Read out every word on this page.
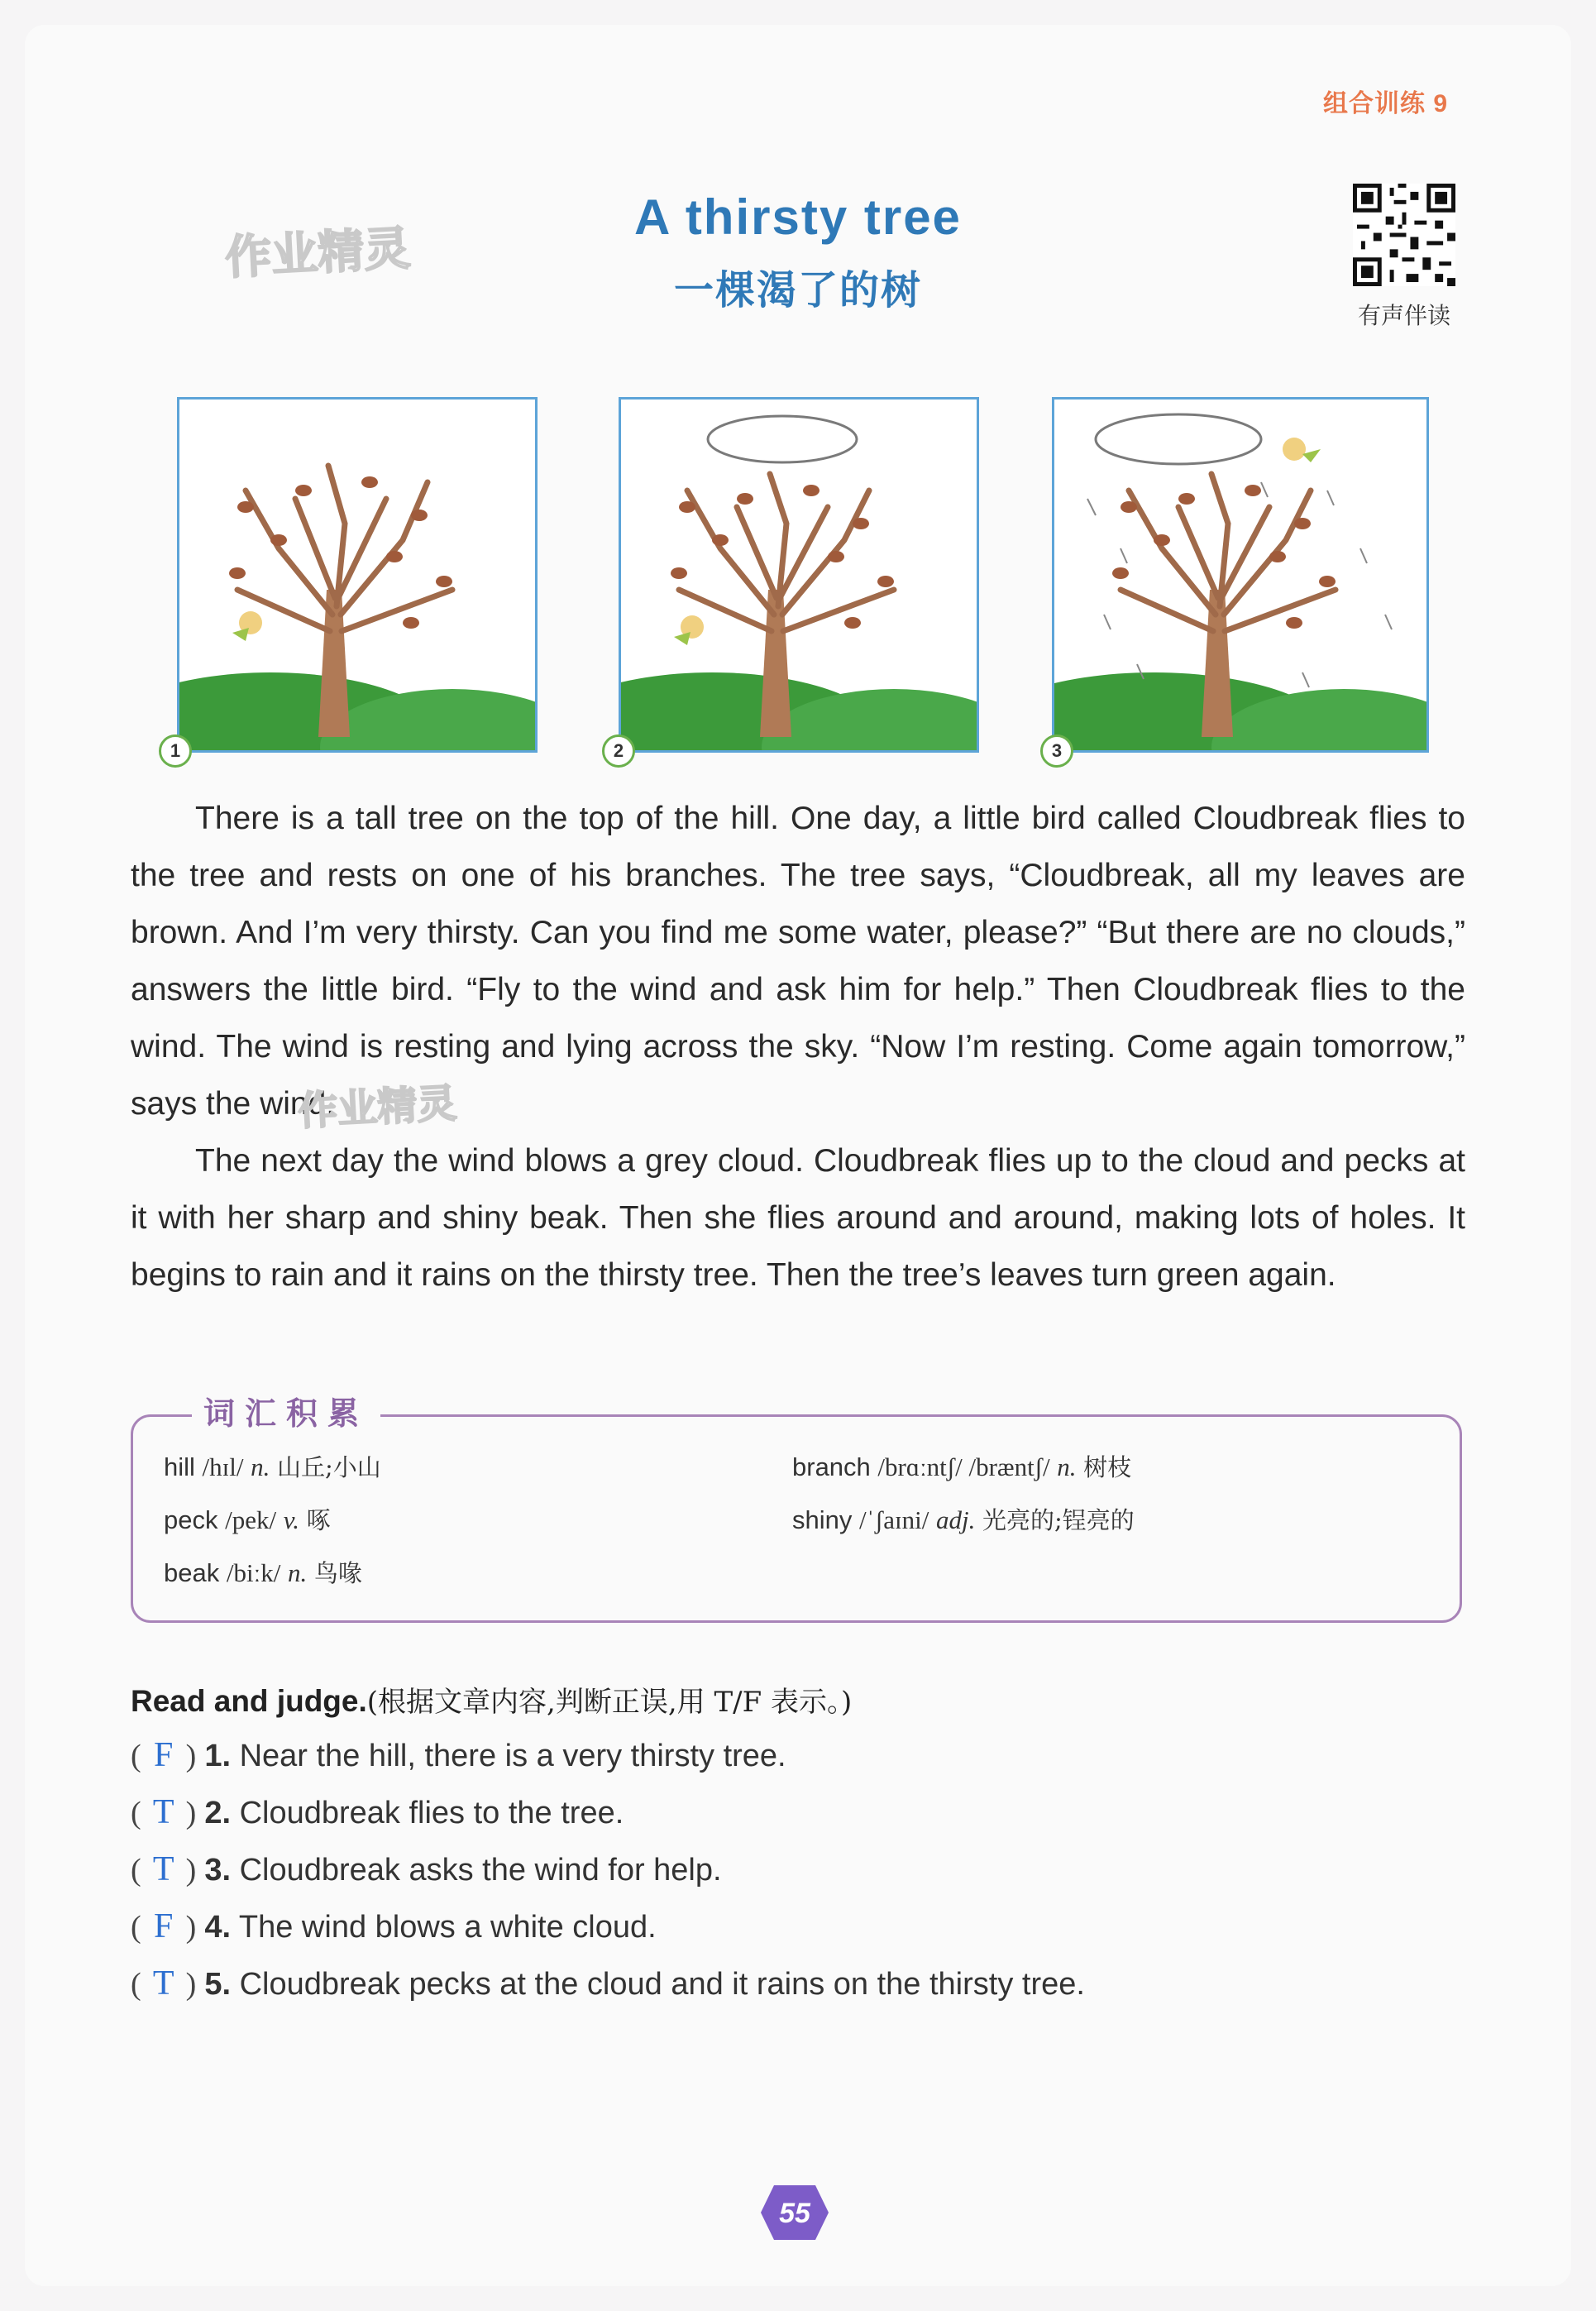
组合训练 9
作业精灵
A thirsty tree
一棵渴了的树
有声伴读
1	2	3

There is a tall tree on the top of the hill. One day, a little bird called Cloudbreak flies to the tree and rests on one of his branches. The tree says, “Cloudbreak, all my leaves are brown. And I’m very thirsty. Can you find me some water, please?” “But there are no clouds,” answers the little bird. “Fly to the wind and ask him for help.” Then Cloudbreak flies to the wind. The wind is resting and lying across the sky. “Now I’m resting. Come again tomorrow,” says the wind.

The next day the wind blows a grey cloud. Cloudbreak flies up to the cloud and pecks at it with her sharp and shiny beak. Then she flies around and around, making lots of holes. It begins to rain and it rains on the thirsty tree. Then the tree’s leaves turn green again.

作业精灵
词汇积累
hill /hɪl/ n. 山丘;小山	branch /brɑːntʃ/ /bræntʃ/ n. 树枝
peck /pek/ v. 啄	shiny /ˈʃaɪni/ adj. 光亮的;锃亮的
beak /biːk/ n. 鸟喙
Read and judge.(根据文章内容,判断正误,用 T/F 表示。)
( F ) 1. Near the hill, there is a very thirsty tree.
( T ) 2. Cloudbreak flies to the tree.
( T ) 3. Cloudbreak asks the wind for help.
( F ) 4. The wind blows a white cloud.
( T ) 5. Cloudbreak pecks at the cloud and it rains on the thirsty tree.
55
